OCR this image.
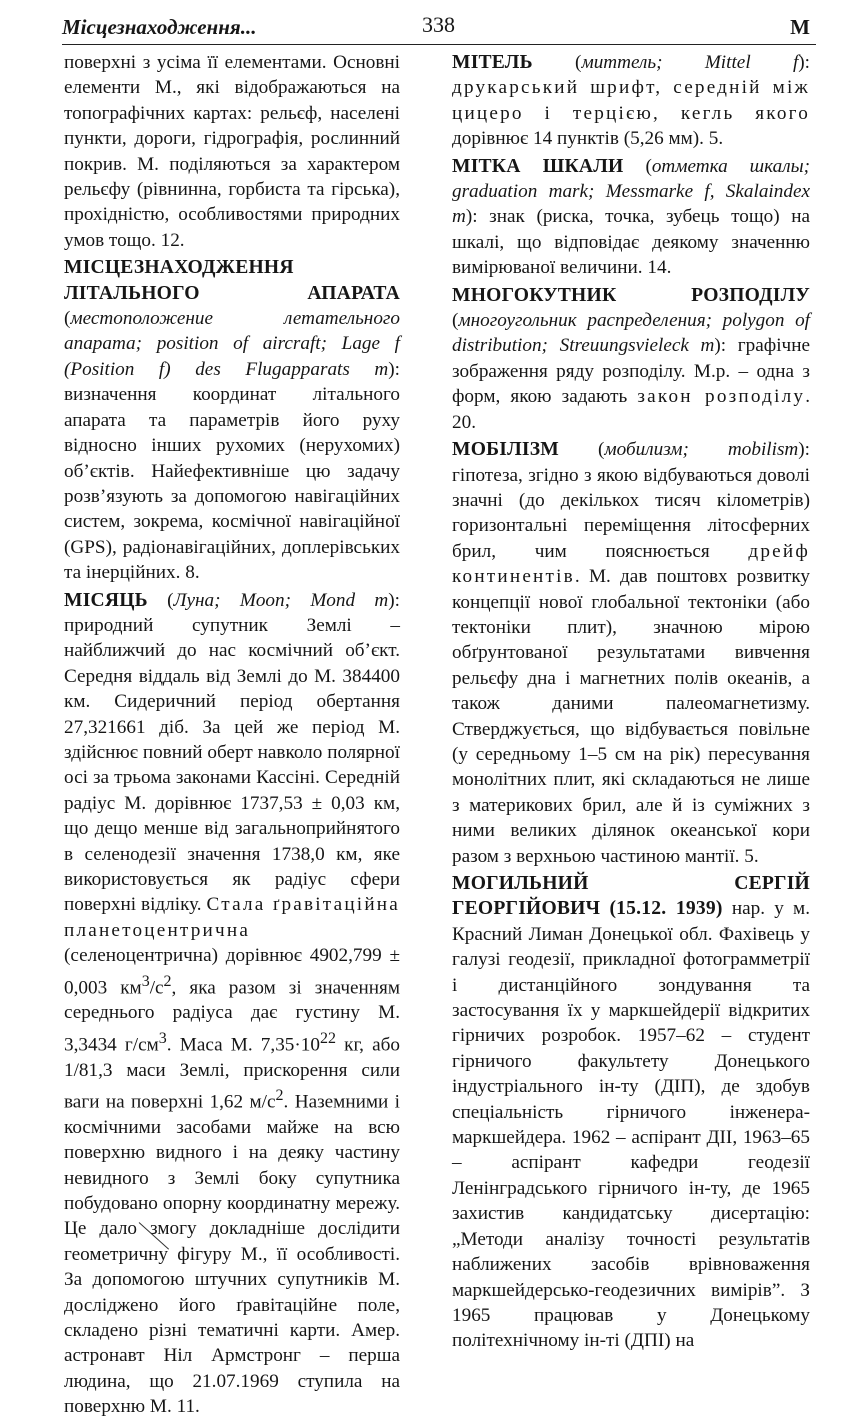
Місцезнаходження...	338	М

поверхні з усіма її елементами. Основні елементи М., які відображаються на топографічних картах: рельєф, населені пункти, дороги, гідрографія, рослинний покрив. М. поділяються за характером рельєфу (рівнинна, горбиста та гірська), прохідністю, особливостями природних умов тощо. 12.

МІСЦЕЗНАХОДЖЕННЯ ЛІТАЛЬНОГО АПАРАТА (местоположение летательного апарата; position of aircraft; Lage f (Position f) des Flugapparats m): визначення координат літального апарата та параметрів його руху відносно інших рухомих (нерухомих) об’єктів. Найефективніше цю задачу розв’язують за допомогою навігаційних систем, зокрема, космічної навігаційної (GPS), радіонавігаційних, доплерівських та інерційних. 8.

МІСЯЦЬ (Луна; Moon; Mond m): природний супутник Землі – найближчий до нас космічний об’єкт. Середня віддаль від Землі до М. 384400 км. Сидеричний період обертання 27,321661 діб. За цей же період М. здійснює повний оберт навколо полярної осі за трьома законами Кассіні. Середній радіус М. дорівнює 1737,53 ± 0,03 км, що дещо менше від загальноприйнятого в селенодезії значення 1738,0 км, яке використовується як радіус сфери поверхні відліку. Стала ґравітаційна планетоцентрична (селеноцентрична) дорівнює 4902,799 ± 0,003 $км^3/с^2$, яка разом зі значенням середнього радіуса дає густину М. 3,3434 $г/см^3$. Маса М. $7,35\cdot 10^{22}$ кг, або 1/81,3 маси Землі, прискорення сили ваги на поверхні 1,62 $м/с^2$. Наземними і космічними засобами майже на всю поверхню видного і на деяку частину невидного з Землі боку супутника побудовано опорну координатну мережу. Це дало змогу докладніше дослідити геометричну фігуру М., її особливості. За допомогою штучних супутників М. досліджено його ґравітаційне поле, складено різні тематичні карти. Амер. астронавт Ніл Армстронг – перша людина, що 21.07.1969 ступила на поверхню М. 11.

МІТЕЛЬ (миттель; Mittel f): друкарський шрифт, середній між цицеро і терцією, кегль якого дорівнює 14 пунктів (5,26 мм). 5.

МІТКА ШКАЛИ (отметка шкалы; graduation mark; Messmarke f, Skalaindex m): знак (риска, точка, зубець тощо) на шкалі, що відповідає деякому значенню вимірюваної величини. 14.

МНОГОКУТНИК РОЗПОДІЛУ (многоугольник распределения; polygon of distribution; Streuungsvieleck m): графічне зображення ряду розподілу. М.р. – одна з форм, якою задають закон розподілу. 20.

МОБІЛІЗМ (мобилизм; mobilism): гіпотеза, згідно з якою відбуваються доволі значні (до декількох тисяч кілометрів) горизонтальні переміщення літосферних брил, чим пояснюється дрейф континентів. М. дав поштовх розвитку концепції нової глобальної тектоніки (або тектоніки плит), значною мірою обґрунтованої результатами вивчення рельєфу дна і магнетних полів океанів, а також даними палеомагнетизму. Стверджується, що відбувається повільне (у середньому 1–5 см на рік) пересування монолітних плит, які складаються не лише з материкових брил, але й із суміжних з ними великих ділянок океанської кори разом з верхньою частиною мантії. 5.

МОГИЛЬНИЙ СЕРГІЙ ГЕОРГІЙОВИЧ (15.12. 1939) нар. у м. Красний Лиман Донецької обл. Фахівець у галузі геодезії, прикладної фотограмметрії і дистанційного зондування та застосування їх у маркшейдерії відкритих гірничих розробок. 1957–62 – студент гірничого факультету Донецького індустріального ін-ту (ДІП), де здобув спеціальність гірничого інженера-маркшейдера. 1962 – аспірант ДІІ, 1963–65 – аспірант кафедри геодезії Ленінградського гірничого ін-ту, де 1965 захистив кандидатську дисертацію: „Методи аналізу точності результатів наближених засобів врівноваження маркшейдерсько-геодезичних вимірів”. З 1965 працював у Донецькому політехнічному ін-ті (ДПІ) на
